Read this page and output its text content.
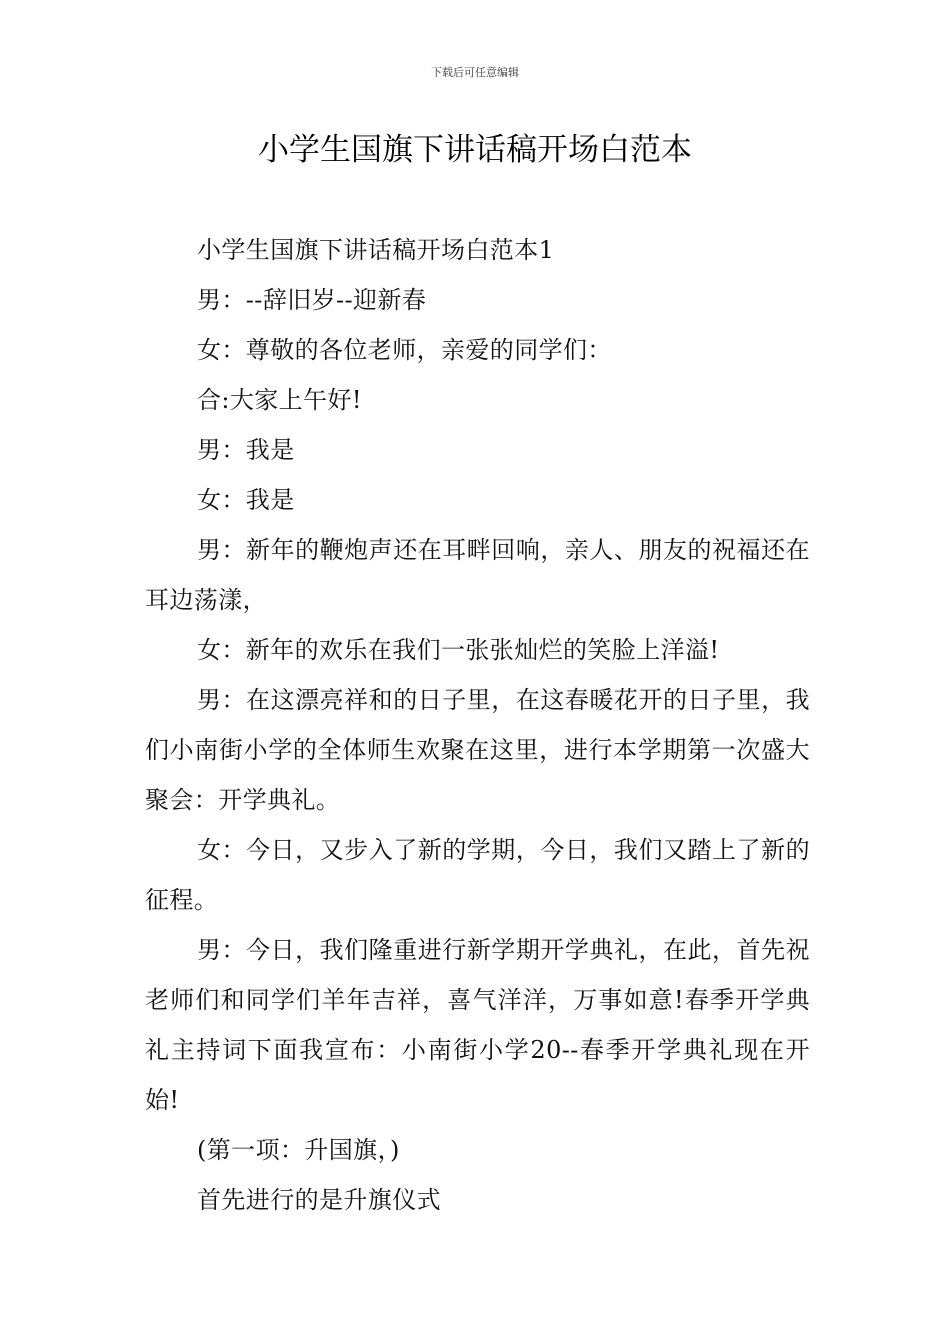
下载后可任意编辑
小学生国旗下讲话稿开场白范本

小学生国旗下讲话稿开场白范本1

男：--辞旧岁--迎新春

女：尊敬的各位老师，亲爱的同学们：

合:大家上午好!

男：我是

女：我是

男：新年的鞭炮声还在耳畔回响，亲人、朋友的祝福还在耳边荡漾，

女：新年的欢乐在我们一张张灿烂的笑脸上洋溢!

男：在这漂亮祥和的日子里，在这春暖花开的日子里，我们小南街小学的全体师生欢聚在这里，进行本学期第一次盛大聚会：开学典礼。

女：今日，又步入了新的学期，今日，我们又踏上了新的征程。

男：今日，我们隆重进行新学期开学典礼，在此，首先祝老师们和同学们羊年吉祥，喜气洋洋，万事如意!春季开学典礼主持词下面我宣布：小南街小学20--春季开学典礼现在开始!

(第一项：升国旗，)

首先进行的是升旗仪式
